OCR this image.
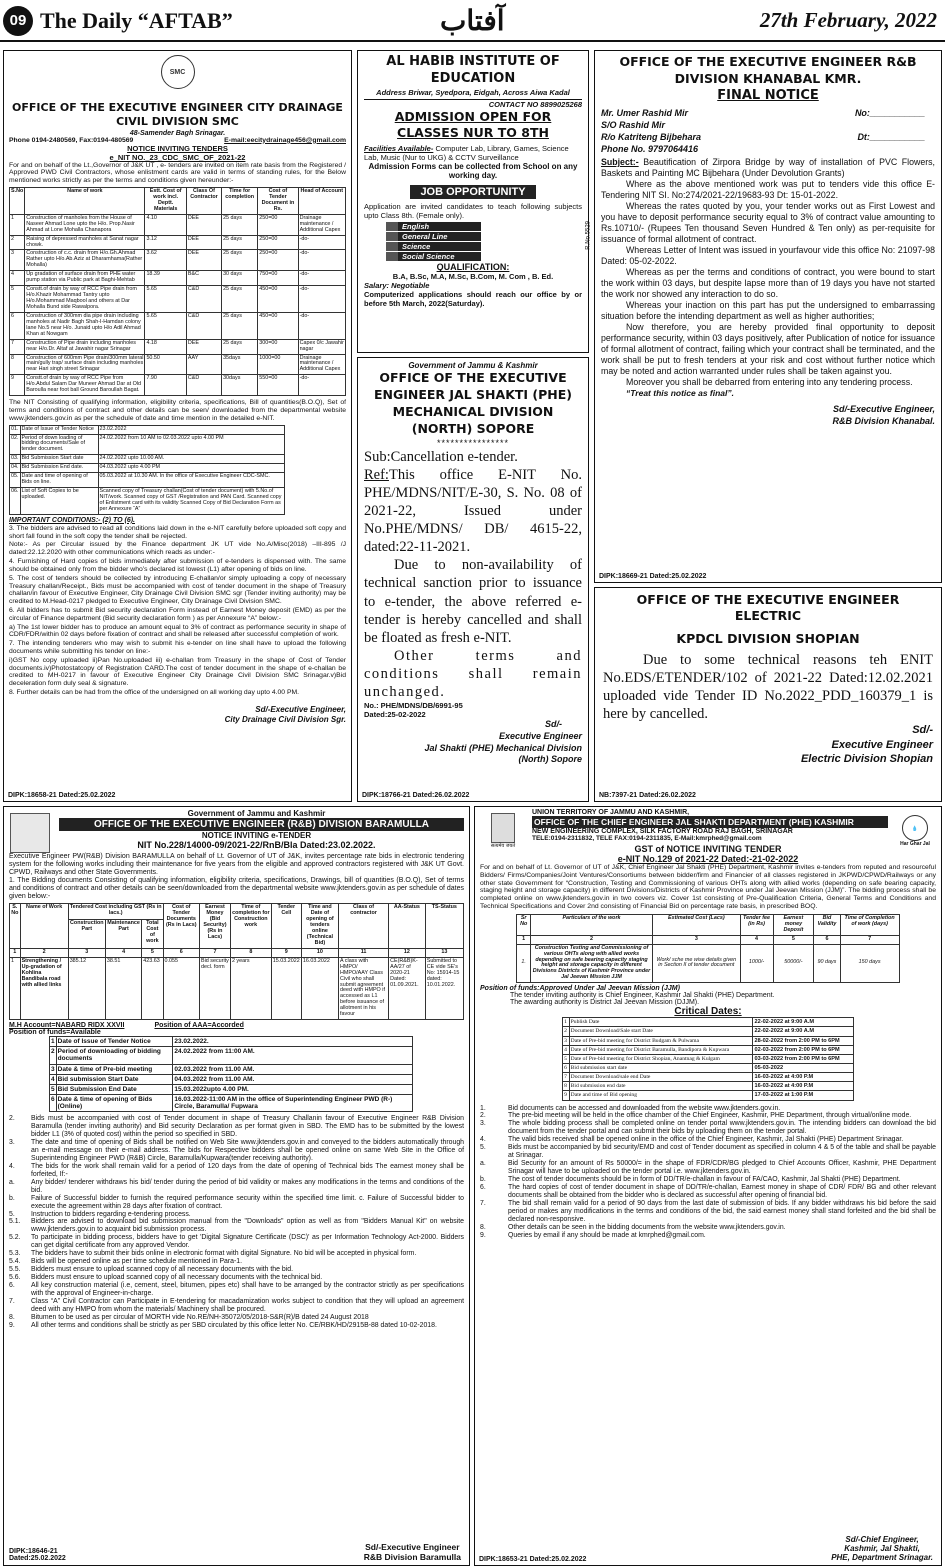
09 The Daily “AFTAB”	آفتاب	27th February, 2022
SMC
OFFICE OF THE EXECUTIVE ENGINEER CITY DRAINAGE CIVIL DIVISION SMC
48-Samender Bagh Srinagar.
Phone 0194-2480569, Fax:0194-480569	E-mail:eecitydrainage456@gmail.com
NOTICE INVITING TENDERS
e_NIT NO._23_CDC_SMC_OF_2021-22
For and on behalf of the Lt.,Governor of J&K UT , e- tenders are invited on item rate basis from the Registered / Approved PWD Civil Contractors, whose enlistment cards are valid in terms of standing rules, for the Below mentioned works strictly as per the terms and conditions given hereunder:-
S.No	Name of work	Estt. Cost of work incl. Deptt. Materials	Class Of Contractor	Time for completion	Cost of Tender Document in Rs.	Head of Account
1	Construction of manholes from the House of Naseer Ahmad Lone upto the H/o. Prop.Nasir Ahmad at Lone Mohalla Chanapora	4.10	DEE	25 days	250=00	Drainage maintenance / Additional Capex
2	Raising of depressed manholes at Sanat nagar chowk.	3.12	DEE	25 days	250=00	-do-
3	Construction of c.c. drain from H/o.Gh.Ahmad Rather upto H/o.Ab.Aziz at Dharamhama(Rather Mohalla)	3.62	DEE	25 days	250=00	-do-
4	Up gradation of surface drain from PHE water pump station via Public park at Baghi-Mehtab	18.39	B&C	30 days	750=00	-do-
5	Constt.of drain by way of RCC Pipe drain from H/o.Khazir Mohammad Tantry upto H/o.Mohammad Maqbool and others at Dar Mohalla Bund side Rawalpora.	5.65	C&D	25 days	450=00	-do-
6	Construction of 300mm dia pipe drain including manholes at Nadir Bagh Shah-I-Hamdan colony lane No.5 near H/o. Junaid upto H/o Adil Ahmad Khan at Nowgam	5.65	C&D	25 days	450=00	-do-
7	Construction of Pipe drain including manholes near H/o.Dr. Altaf at Jawahir nagar Srinagar	4.18	DEE	25 days	300=00	Capex 0/c Jawahir nagar
8	Construction of 600mm Pipe drain/300mm lateral main/gully trap/ surface drain including manholes near Hari singh street Srinagar	50.50	AAY	35days	1000=00	Drainage maintenance / Additional Capex
9	Constt.of drain by way of RCC Pipe from H/o.Abdul Salam Dar Muneer Ahmad Dar at Old Baroulla near foot ball Ground Baroullah Bagat.	7.90	C&D	30days	550=00	-do-
The NIT Consisting of qualifying information, eligibility criteria, specifications, Bill of quantities(B.O.Q), Set of terms and conditions of contract and other details can be seen/ downloaded from the departmental website www.jktenders.gov.in as per the schedule of date and time mention in the detailed e-NIT.
01.	Date of Issue of Tender Notice	23.02.2022
02.	Period of down loading of bidding documents/Sale of tender document.	24.02.2022 from 10 AM to 02.03.2022 upto 4.00 PM
03.	Bid Submission Start date	24.02.2022 upto 10.00 AM.
04.	Bid Submission End date.	04.03.2022 upto 4.00 PM
05.	Date and time of opening of Bids on line.	05.03.2022 at 10.30 AM. In the office of Executive Engineer CDC-SMC.
06.	List of Soft Copies to be uploaded.	Scanned copy of Treasury challan(Cost of tender document) with 5.No.of NIT/work. Scanned copy of GST /Registration and PAN Card. Scanned copy of Enlistment card with its validity Scanned Copy of Bid Declaration Form as per Annexure “A”
IMPORTANT CONDITIONS:- (2) TO (6).

3. The bidders are advised to read all conditions laid down in the e-NIT carefully before uploaded soft copy and short fall found in the soft copy the tender shall be rejected.

Note:- As per Circular issued by the Finance department JK UT vide No.A/Misc(2018) –III-895 /J dated:22.12.2020 with other communications which reads as under:-

4. Furnishing of Hard copies of bids immediately after submission of e-tenders is dispensed with. The same should be obtained only from the bidder who’s declared ist lowest (L1) after opening of bids on line.

5. The cost of tenders should be collected by introducing E-challan/or simply uploading a copy of necessary Treasury challan/Receipt., Bids must be accompanied with cost of tender document in the shape of Treasury challan/in favour of Executive Engineer, City Drainage Civil Division SMC sgr (Tender inviting authority) may be credited to M.Head-0217 pledged to Executive Engineer, City Drainage Civil Division SMC.

6. All bidders has to submit Bid security declaration Form instead of Earnest Money deposit (EMD) as per the circular of Finance department (Bid security declaration form ) as per Annexure “A” below:-

a) The 1st lower bidder has to produce an amount equal to 3% of contract as performance security in shape of CDR/FDR/within 02 days before fixation of contract and shall be released after successful completion of work.

7. The intending tenderers who may wish to submit his e-tender on line shall have to upload the following documents while submitting his tender on line:-

i)GST No copy uploaded ii)Pan No.uploaded iii) e-challan from Treasury in the shape of Cost of Tender documents.iv)Photostatcopy of Registration CARD.The cost of tender document in the shape of e-challan be credited to MH-0217 in favour of Executive Engineer City Drainage Civil Division SMC Srinagar.v)Bid deceleration form duly seal & signature.

8. Further details can be had from the office of the undersigned on all working day upto 4.00 PM.

Sd/-Executive Engineer,
City Drainage Civil Division Sgr.
DIPK:18658-21 Dated:25.02.2022
AL HABIB INSTITUTE OF EDUCATION
Address Briwar, Syedpora, Eidgah, Across Aiwa Kadal
CONTACT NO 8899025268
ADMISSION OPEN FOR CLASSES NUR TO 8TH
Facilities Available- Computer Lab, Library, Games, Science Lab, Music (Nur to UKG) & CCTV Surveillance
R.No.5529
Admission Forms can be collected from School on any working day.
JOB OPPORTUNITY
Application are invited candidates to teach following subjects upto Class 8th. (Female only).
English
General Line
Science
Social Science
QUALIFICATION:
B.A, B.Sc, M.A, M.Sc, B.Com, M. Com , B. Ed.
Salary: Negotiable
Computerized applications should reach our office by or before 5th March, 2022(Saturday).
Government of Jammu & Kashmir
OFFICE OF THE EXECUTIVE ENGINEER JAL SHAKTI (PHE) MECHANICAL DIVISION (NORTH) SOPORE
****************
Sub:Cancellation e-tender.
Ref:This office E-NIT No. PHE/MDNS/NIT/E-30, S. No. 08 of 2021-22, Issued under No.PHE/MDNS/ DB/ 4615-22, dated:22-11-2021.
Due to non-availability of technical sanction prior to issuance to e-tender, the above referred e-tender is hereby cancelled and shall be floated as fresh e-NIT.
Other terms and conditions shall remain unchanged.
No.: PHE/MDNS/DB/6991-95
Dated:25-02-2022
Sd/-
Executive Engineer
Jal Shakti (PHE) Mechanical Division
(North) Sopore
DIPK:18766-21 Dated:26.02.2022
OFFICE OF THE EXECUTIVE ENGINEER R&B DIVISION KHANABAL KMR.
FINAL NOTICE
Mr. Umer Rashid Mir
S/O Rashid Mir
R/o Katriteng Bijbehara
Phone No. 9797064416
No:___________
Dt:___________
Subject:- Beautification of Zirpora Bridge by way of installation of PVC Flowers, Baskets and Painting MC Bijbehara (Under Devolution Grants)

Where as the above mentioned work was put to tenders vide this office E-Tendering NIT SI. No:274/2021-22/19683-93 Dt: 15-01-2022.

Whereas the rates quoted by you, your tender works out as First Lowest and you have to deposit performance security equal to 3% of contract value amounting to Rs.10710/- (Rupees Ten thousand Seven Hundred & Ten only) as per-requisite for issuance of formal allotment of contract.

Whereas Letter of Intent was issued in yourfavour vide this office No: 21097-98 Dated: 05-02-2022.

Whereas as per the terms and conditions of contract, you were bound to start the work within 03 days, but despite lapse more than of 19 days you have not started the work nor showed any interaction to do so.

Whereas your inaction on this part has put the undersigned to embarrassing situation before the intending department as well as higher authorities;

Now therefore, you are hereby provided final opportunity to deposit performance security, within 03 days positively, after Publication of notice for issuance of formal allotment of contract, failing which your contract shall be terminated, and the work shall be put to fresh tenders at your risk and cost without further notice which may be noted and action warranted under rules shall be taken against you.

Moreover you shall be debarred from entering into any tendering process.

“Treat this notice as final”.
Sd/-Executive Engineer,
R&B Division Khanabal.
DIPK:18669-21 Dated:25.02.2022
OFFICE OF THE EXECUTIVE ENGINEER ELECTRIC
KPDCL DIVISION SHOPIAN
Due to some technical reasons teh ENIT No.EDS/ETENDER/102 of 2021-22 Dated:12.02.2021 uploaded vide Tender ID No.2022_PDD_160379_1 is here by cancelled.
Sd/-
Executive Engineer
Electric Division Shopian
NB:7397-21 Dated:26.02.2022
Government of Jammu and Kashmir
OFFICE OF THE EXECUTIVE ENGINEER (R&B) DIVISION BARAMULLA
NOTICE INVITING e-TENDER
NIT No.228/14000-09/2021-22/RnB/Bla Dated:23.02.2022.
Executive Engineer PW(R&B) Division BARAMULLA on behalf of Lt. Governor of UT of J&K, invites percentage rate bids in electronic tendering system for the following works including their maintenance for five years from the eligible and approved contractors registered with J&K UT Govt. CPWD, Railways and other State Governments.
1. The Bidding documents Consisting of qualifying information, eligibility criteria, specifications, Drawings, bill of quantities (B.O.Q), Set of terms and conditions of contract and other details can be seen/downloaded from the departmental website www.jktenders.gov.in as per schedule of dates given below:-
S. No	Name of Work	Tendered Cost including GST (Rs in lacs.)			Cost of Tender Documents (Rs in Lacs)	Earnest Money (Bid Security) (Rs in Lacs)	Time of completion for Construction work	Tender Cell	Time and Date of opening of tenders online (Technical Bid)	Class of contractor	AA-Status	TS-Status
		Construction Part	Maintenance Part	Total Cost of work								
1	2	3	4	5	6	7	8	9	10	11	12	13
1	Strengthening / Up-gradation of Kohlina Bandibala road with allied links	385.12	38.51	423.63	0.055	Bid security decl. form	2 years	15.03.2022	16.03.2022	A class with HMPO/ HMPO/AAY Class Civil who shall submit agreement deed with HMPO if accessed as L1 before issuance of allotment in his favour	CE(R&B)K-AA/27 of 2020-21 Dated: 01.09.2021.	Submitted to CE vide SE's No: 15914-15 dated: 10.01.2022.
M.H Account=NABARD RIDX XXVII	Position of AAA=Accorded
Position of funds=Available
1	Date of Issue of Tender Notice	23.02.2022.
2	Period of downloading of bidding documents	24.02.2022 from 11:00 AM.
3	Date & time of Pre-bid meeting	02.03.2022 from 11.00 AM.
4	Bid submission Start Date	04.03.2022 from 11.00 AM.
5	Bid Submission End Date	15.03.2022upto 4.00 PM.
6	Date & time of opening of Bids (Online)	16.03.2022-11:00 AM in the office of Superintending Engineer PWD (R-) Circle, Baramulla/ Fupwara
2.	Bids must be accompanied with cost of Tender document in shape of Treasury Challanin favour of Executive Engineer R&B Division Baramulla (tender inviting authority) and Bid security Declaration as per format given in SBD. The EMD has to be submitted by the lowest bidder L1 (3% of quoted cost) within the period so specified in SBD.
3.	The date and time of opening of Bids shall be notified on Web Site www.jktenders.gov.in and conveyed to the bidders automatically through an e-mail message on their e-mail address. The bids for Respective bidders shall be opened online on same Web Site in the Office of Superintending Engineer PWD (R&B) Circle, Baramulla/Kupwara(tender receiving authority).
4.	The bids for the work shall remain valid for a period of 120 days from the date of opening of Technical bids The earnest money shall be forfeited, If:-
a.	Any bidder/ tenderer withdraws his bid/ tender during the period of bid validity or makes any modifications in the terms and conditions of the bid.
b.	Failure of Successful bidder to furnish the required performance security within the specified time limit. c. Failure of Successful bidder to execute the agreement within 28 days after fixation of contract.
5.	Instruction to bidders regarding e-tendering process.
5.1.	Bidders are advised to download bid submission manual from the "Downloads" option as well as from "Bidders Manual Kit" on website www.jktenders.gov.in to acquaint bid submission process.
5.2.	To participate in bidding process, bidders have to get 'Digital Signature Certificate (DSC)' as per Information Technology Act-2000. Bidders can get digital certificate from any approved Vendor.
5.3.	The bidders have to submit their bids online in electronic format with digital Signature. No bid will be accepted in physical form.
5.4.	Bids will be opened online as per time schedule mentioned in Para-1.
5.5.	Bidders must ensure to upload scanned copy of all necessary documents with the bid.
5.6.	Bidders must ensure to upload scanned copy of all necessary documents with the technical bid.
6.	All key construction material (i.e, cement, steel, bitumen, pipes etc) shall have to be arranged by the contractor strictly as per specifications with the approval of Engineer-in-charge.
7.	Class “A” Civil Contractor can Participate in E-tendering for macadamization works subject to condition that they will upload an agreement deed with any HMPO from whom the materials/ Machinery shall be procured.
8.	Bitumen to be used as per circular of MORTH vide No.RE/NH-35072/05/2018-S&R(R)/B dated 24 August 2018
9.	All other terms and conditions shall be strictly as per SBD circulated by this office letter No. CE/RBK/HD/2915B-88 dated 10-02-2018.
DIPK:18646-21
Dated:25.02.2022
Sd/-Executive Engineer
R&B Division Baramulla
सत्यमेव जयते
💧
Har Ghar Jal
UNION TERRITORY OF JAMMU AND KASHMIR,
OFFICE OF THE CHIEF ENGINEER JAL SHAKTI DEPARTMENT (PHE) KASHMIR
NEW ENGINEERING COMPLEX, SILK FACTORY ROAD RAJ BAGH, SRINAGAR
TELE:0194-2311832, TELE FAX:0194-2311835, E-Mail:kmrphed@gmail.com
GST of NOTICE INVITING TENDER
e-NIT No.129 of 2021-22 Dated:-21-02-2022
For and on behalf of Lt. Governor of UT of J&K, Chief Engineer Jal Shakti (PHE) Department, Kashmir invites e-tenders from reputed and resourceful Bidders/ Firms/Companies/Joint Ventures/Consortiums between bidder/firm and Financier of all classes registered in JKPWD/CPWD/Railways or any other state Government for “Construction, Testing and Commissioning of various OHTs along with allied works (depending on safe bearing capacity, staging height and storage capacity) in different Divisions/Districts of Kashmir Province under Jal Jeevan Mission (JJM)”. The bidding process shall be completed online on www.jktenders.gov.in in two covers viz. Cover 1st consisting of Pre-Qualification Criteria, General Terms and Conditions and Technical Specifications and Cover 2nd consisting of Financial Bid on percentage rate basis, in prescribed BOQ.
Sr No	Particulars of the work	Estimated Cost (Lacs)	Tender fee (in Rs)	Earnest money Deposit	Bid Validity	Time of Completion of work (days)
1	2	3	4	5	6	7
1.	Construction Testing and Commissioning of various OHTs along with allied works depending on safe bearing capacity staging height and storage capacity in different Divisions Districts of Kashmir Province under Jal Jeevan Mission JJM	Work/ sche me wise details given in Section II of tender document	1000/-	50000/-	90 days	150 days
Position of funds:Approved Under Jal Jeevan Mission (JJM)
The tender inviting authority is Chief Engineer, Kashmir Jal Shakti (PHE) Department.
The awarding authority is District Jal Jeevan Mission (DJJM).
Critical Dates:
1	Publish Date	22-02-2022 at 9:00 A.M
2	Document Download/Sale start Date	22-02-2022 at 9:00 A.M
3	Date of Pre-bid meeting for District Budgam & Pulwama	28-02-2022 from 2:00 PM to 6PM
4	Date of Pre-bid meeting for District Baramulla, Bandipora & Kupwara	02-03-2022 from 2:00 PM to 6PM
5	Date of Pre-bid meeting for District Shopian, Anantnag & Kulgam	03-03-2022 from 2:00 PM to 6PM
6	Bid submission start date	05-03-2022
7	Document Download/sale end Date	16-03-2022 at 4:00 P.M
8	Bid submission end date	16-03-2022 at 4:00 P.M
9	Date and time of Bid opening	17-03-2022 at 1:00 P.M
1.	Bid documents can be accessed and downloaded from the website www.jktenders.gov.in.
2.	The pre-bid meeting will be held in the office chamber of the Chief Engineer, Kashmir, PHE Department, through virtual/online mode.
3.	The whole bidding process shall be completed online on tender portal www.jktenders.gov.in. The intending bidders can download the bid document from the tender portal and can submit their bids by uploading them on the tender portal.
4.	The valid bids received shall be opened online in the office of the Chief Engineer, Kashmir, Jal Shakti (PHE) Department Srinagar.
5.	Bids must be accompanied by bid security/EMD and cost of Tender document as specified in column 4 & 5 of the table and shall be payable at Srinagar.
a.	Bid Security for an amount of Rs 50000/= in the shape of FDR/CDR/BG pledged to Chief Accounts Officer, Kashmir, PHE Department Srinagar will have to be uploaded on the tender portal i.e. www.jktenders.gov.in.
b.	The cost of tender documents should be in form of DD/TR/e-challan in favour of FA/CAO, Kashmir, Jal Shakti (PHE) Department.
6.	The hard copies of cost of tender document in shape of DD/TR/e-challan, Earnest money in shape of CDR/ FDR/ BG and other relevant documents shall be obtained from the bidder who is declared as successful after opening of financial bid.
7.	The bid shall remain valid for a period of 90 days from the last date of submission of bids. If any bidder withdraws his bid before the said period or makes any modifications in the terms and conditions of the bid, the said earnest money shall stand forfeited and the bid shall be declared non-responsive.
8.	Other details can be seen in the bidding documents from the website www.jktenders.gov.in.
9.	Queries by email if any should be made at kmrphed@gmail.com.
DIPK:18653-21 Dated:25.02.2022
Sd/-Chief Engineer,
Kashmir, Jal Shakti,
PHE, Department Srinagar.
